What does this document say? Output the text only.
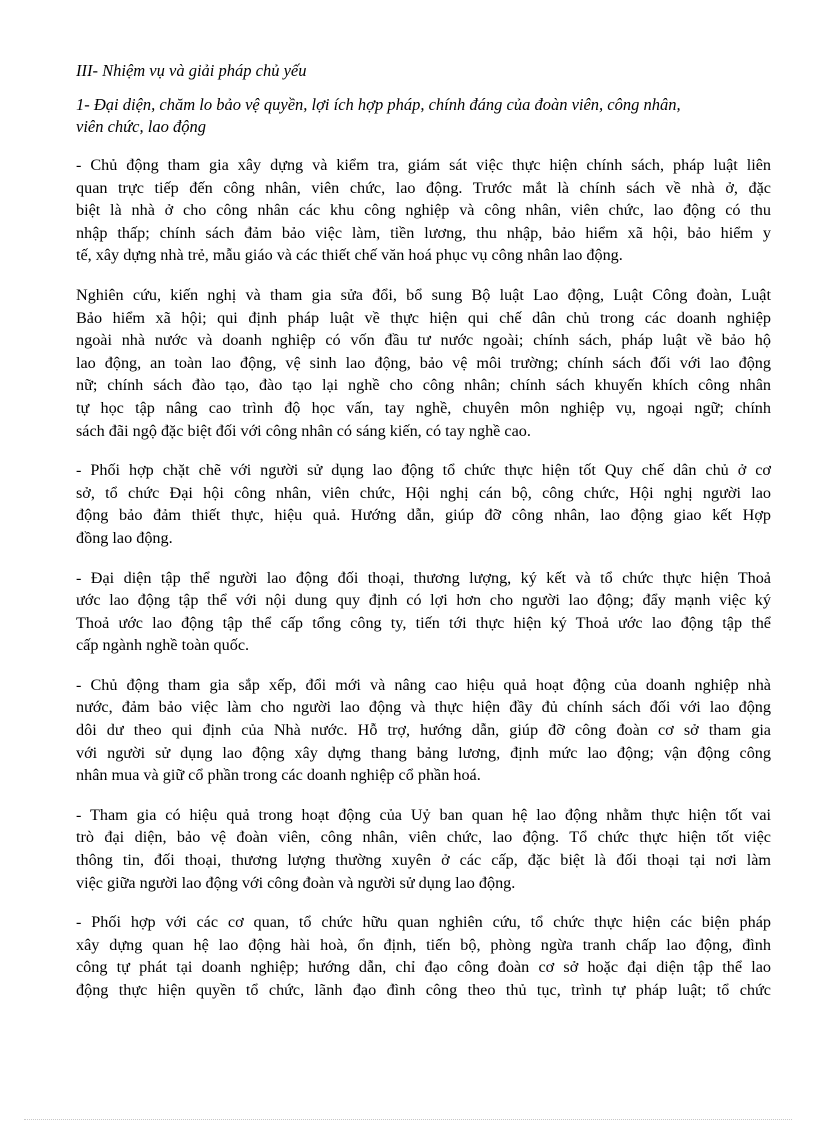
III- Nhiệm vụ và giải pháp chủ yếu
1- Đại diện, chăm lo bảo vệ quyền, lợi ích hợp pháp, chính đáng của đoàn viên, công nhân,
viên chức, lao động
- Chủ động tham gia xây dựng và kiểm tra, giám sát việc thực hiện chính sách, pháp luật liên
quan trực tiếp đến công nhân, viên chức, lao động. Trước mắt là chính sách về nhà ở, đặc
biệt là nhà ở cho công nhân các khu công nghiệp và công nhân, viên chức, lao động có thu
nhập thấp; chính sách đảm bảo việc làm, tiền lương, thu nhập, bảo hiểm xã hội, bảo hiểm y
tế, xây dựng nhà trẻ, mẫu giáo và các thiết chế văn hoá phục vụ công nhân lao động.
Nghiên cứu, kiến nghị và tham gia sửa đổi, bổ sung Bộ luật Lao động, Luật Công đoàn, Luật
Bảo hiểm xã hội; qui định pháp luật về thực hiện qui chế dân chủ trong các doanh nghiệp
ngoài nhà nước và doanh nghiệp có vốn đầu tư nước ngoài; chính sách, pháp luật về bảo hộ
lao động, an toàn lao động, vệ sinh lao động, bảo vệ môi trường; chính sách đối với lao động
nữ; chính sách đào tạo, đào tạo lại nghề cho công nhân; chính sách khuyến khích công nhân
tự học tập nâng cao trình độ học vấn, tay nghề, chuyên môn nghiệp vụ, ngoại ngữ; chính
sách đãi ngộ đặc biệt đối với công nhân có sáng kiến, có tay nghề cao.
- Phối hợp chặt chẽ với người sử dụng lao động tổ chức thực hiện tốt Quy chế dân chủ ở cơ
sở, tổ chức Đại hội công nhân, viên chức, Hội nghị cán bộ, công chức, Hội nghị người lao
động bảo đảm thiết thực, hiệu quả. Hướng dẫn, giúp đỡ công nhân, lao động giao kết Hợp
đồng lao động.
- Đại diện tập thể người lao động đối thoại, thương lượng, ký kết và tổ chức thực hiện Thoả
ước lao động tập thể với nội dung quy định có lợi hơn cho người lao động; đẩy mạnh việc ký
Thoả ước lao động tập thể cấp tổng công ty, tiến tới thực hiện ký Thoả ước lao động tập thể
cấp ngành nghề toàn quốc.
- Chủ động tham gia sắp xếp, đổi mới và nâng cao hiệu quả hoạt động của doanh nghiệp nhà
nước, đảm bảo việc làm cho người lao động và thực hiện đầy đủ chính sách đối với lao động
dôi dư theo qui định của Nhà nước. Hỗ trợ, hướng dẫn, giúp đỡ công đoàn cơ sở tham gia
với người sử dụng lao động xây dựng thang bảng lương, định mức lao động; vận động công
nhân mua và giữ cổ phần trong các doanh nghiệp cổ phần hoá.
- Tham gia có hiệu quả trong hoạt động của Uỷ ban quan hệ lao động nhằm thực hiện tốt vai
trò đại diện, bảo vệ đoàn viên, công nhân, viên chức, lao động. Tổ chức thực hiện tốt việc
thông tin, đối thoại, thương lượng thường xuyên ở các cấp, đặc biệt là đối thoại tại nơi làm
việc giữa người lao động với công đoàn và người sử dụng lao động.
- Phối hợp với các cơ quan, tổ chức hữu quan nghiên cứu, tổ chức thực hiện các biện pháp
xây dựng quan hệ lao động hài hoà, ổn định, tiến bộ, phòng ngừa tranh chấp lao động, đình
công tự phát tại doanh nghiệp; hướng dẫn, chỉ đạo công đoàn cơ sở hoặc đại diện tập thể lao
động thực hiện quyền tổ chức, lãnh đạo đình công theo thủ tục, trình tự pháp luật; tổ chức
